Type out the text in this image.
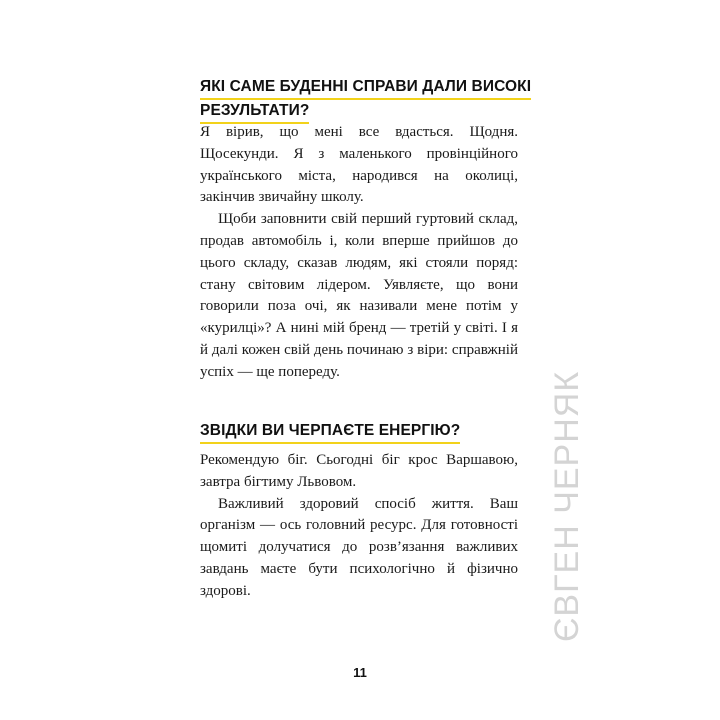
ЯКІ САМЕ БУДЕННІ СПРАВИ ДАЛИ ВИСОКІ
РЕЗУЛЬТАТИ?

Я вірив, що мені все вдасться. Щодня. Щосекунди. Я з маленького провінційного українського міста, народився на околиці, закінчив звичайну школу.

Щоби заповнити свій перший гуртовий склад, продав автомобіль і, коли вперше прийшов до цього складу, сказав людям, які стояли поряд: стану світовим лідером. Уявляєте, що вони говорили поза очі, як називали мене потім у «курилці»? А нині мій бренд — третій у світі. І я й далі кожен свій день починаю з віри: справжній успіх — ще попереду.

ЗВІДКИ ВИ ЧЕРПАЄТЕ ЕНЕРГІЮ?

Рекомендую біг. Сьогодні біг крос Варшавою, завтра бігтиму Львовом.

Важливий здоровий спосіб життя. Ваш організм — ось головний ресурс. Для готовності щомиті долучатися до розв’язання важливих завдань маєте бути психологічно й фізично здорові.	ЄВГЕН ЧЕРНЯК
11
